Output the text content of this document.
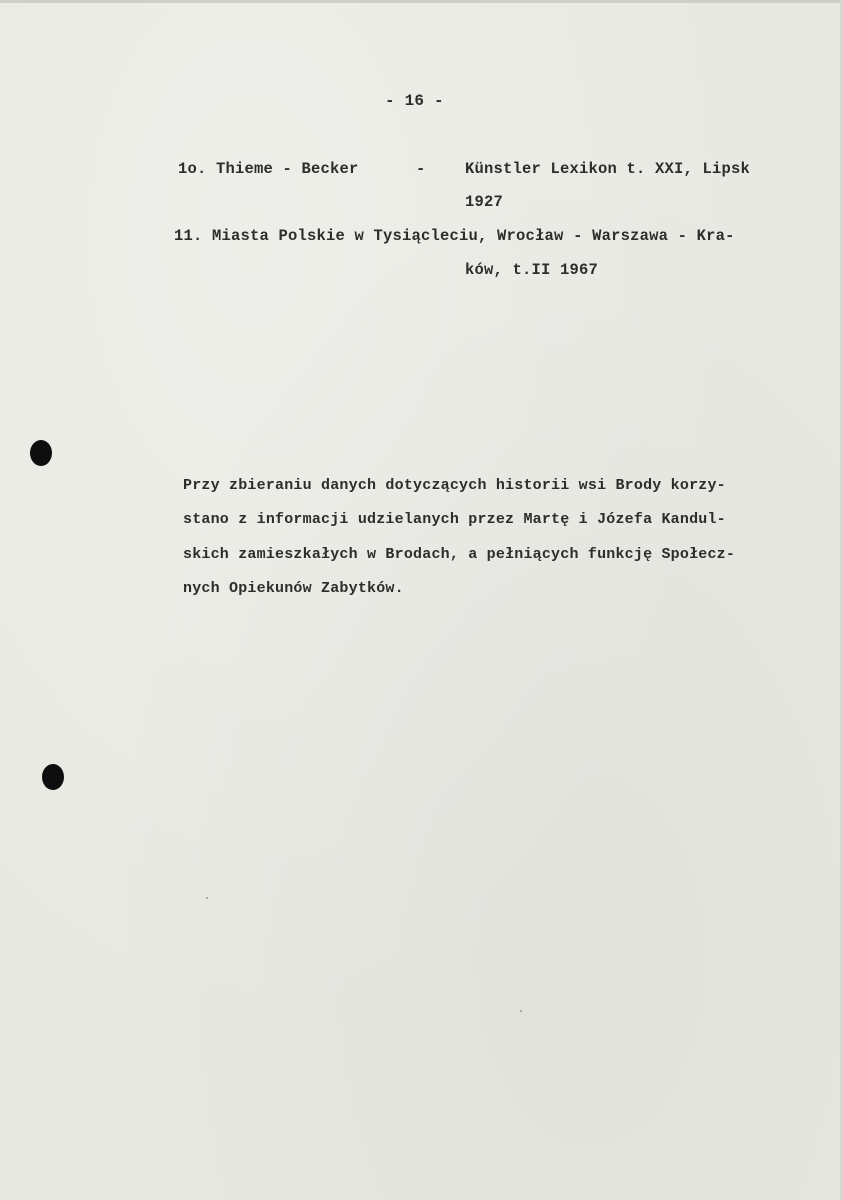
- 16 -
1o. Thieme - Becker	-	Künstler Lexikon t. XXI, Lipsk
1927
11. Miasta Polskie w Tysiącleciu, Wrocław - Warszawa - Kra-
ków, t.II 1967
Przy zbieraniu danych dotyczących historii wsi Brody korzy-
stano z informacji udzielanych przez Martę i Józefa Kandul-
skich zamieszkałych w Brodach, a pełniących funkcję Społecz-
nych Opiekunów Zabytków.
